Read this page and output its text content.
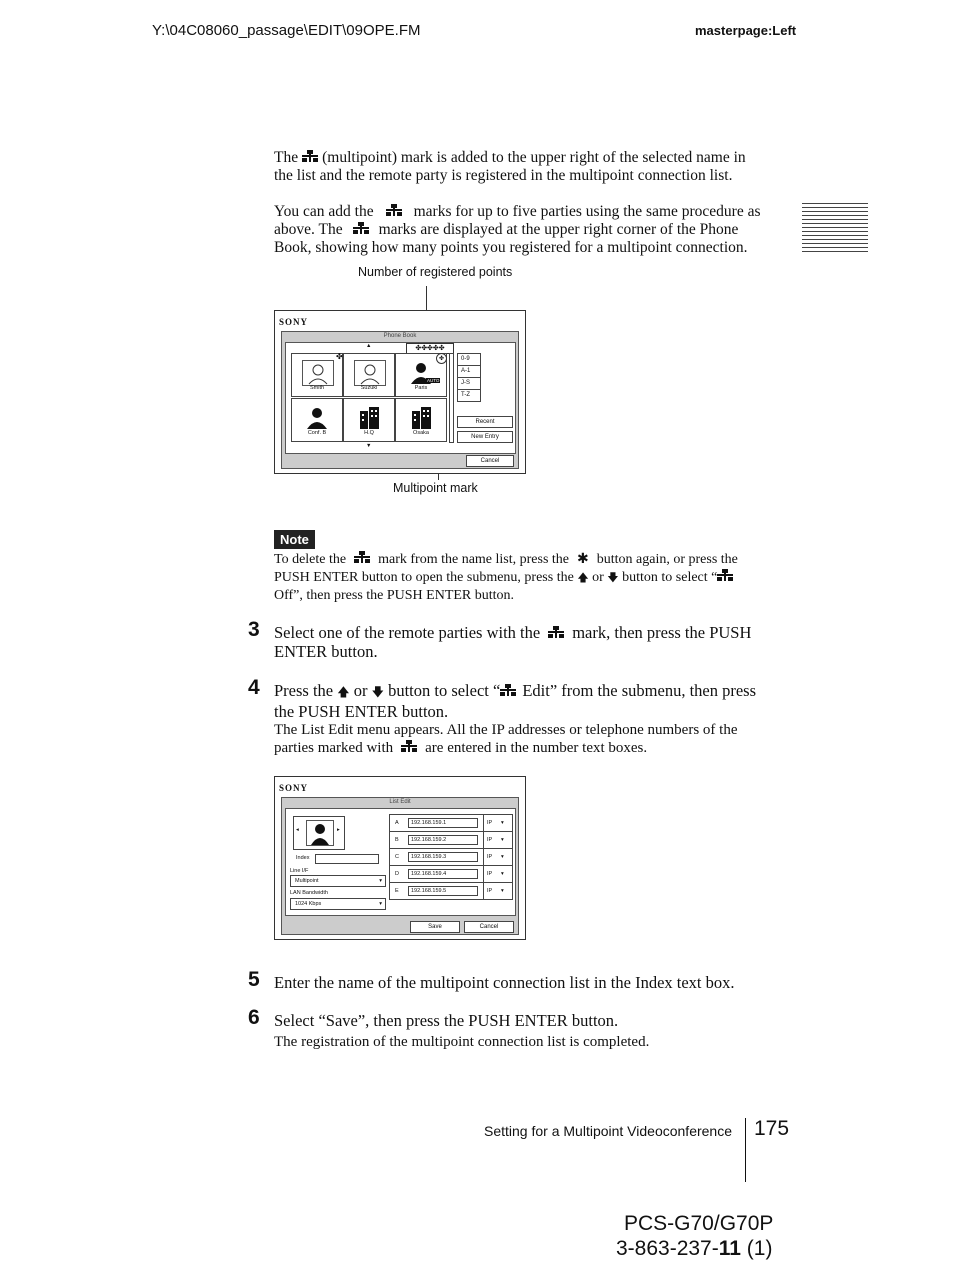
Y:\04C08060_passage\EDIT\09OPE.FM	masterpage:Left
The (multipoint) mark is added to the upper right of the selected name in
the list and the remote party is registered in the multipoint connection list.
You can add the	marks for up to five parties using the same procedure as
above. The marks are displayed at the upper right corner of the Phone
Book, showing how many points you registered for a multipoint connection.
Number of registered points
Multipoint mark
SONY
Phone Book
▲	✤✤✤✤✤
Smith
✤
Suzuki
AUTO
Paris
✤
Conf. B	H.Q	Osaka
▼
0-9
A-1
J-S
T-Z
Recent
New Entry
Cancel
Note
To delete the mark from the name list, press the ✱ button again, or press the
PUSH ENTER button to open the submenu, press the 🡅 or 🡇 button to select “
Off”, then press the PUSH ENTER button.
3 Select one of the remote parties with the mark, then press the PUSH
ENTER button.
4 Press the 🡅 or 🡇 button to select “ Edit” from the submenu, then press
the PUSH ENTER button.
The List Edit menu appears. All the IP addresses or telephone numbers of the
parties marked with are entered in the number text boxes.
SONY
List Edit
◂	▸
Index
Line I/F
Multipoint	▾
LAN Bandwidth
1024 Kbps	▾
A 192.168.159.1	IP ▾
B 192.168.159.2	IP ▾
C 192.168.159.3	IP ▾
D 192.168.159.4	IP ▾
E 192.168.159.5	IP ▾
Save	Cancel
5 Enter the name of the multipoint connection list in the Index text box.
6 Select “Save”, then press the PUSH ENTER button.
The registration of the multipoint connection list is completed.
Setting for a Multipoint Videoconference 175
PCS-G70/G70P
3-863-237-11 (1)
